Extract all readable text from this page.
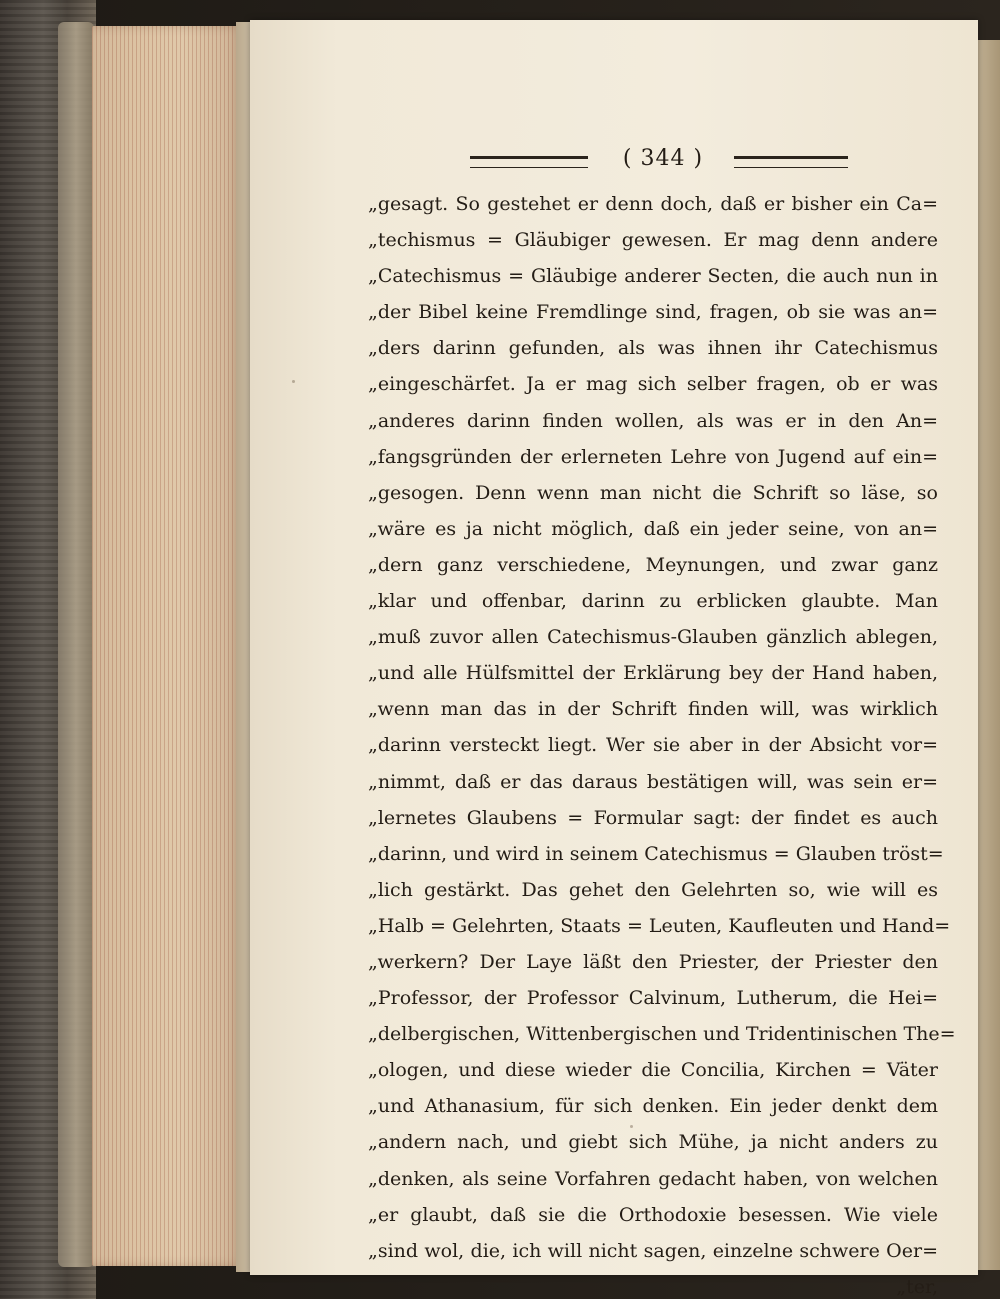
( 344 )
„gesagt. So gestehet er denn doch, daß er bisher ein Ca=
„techismus = Gläubiger gewesen. Er mag denn andere
„Catechismus = Gläubige anderer Secten, die auch nun in
„der Bibel keine Fremdlinge sind, fragen, ob sie was an=
„ders darinn gefunden, als was ihnen ihr Catechismus
„eingeschärfet. Ja er mag sich selber fragen, ob er was
„anderes darinn finden wollen, als was er in den An=
„fangsgründen der erlerneten Lehre von Jugend auf ein=
„gesogen. Denn wenn man nicht die Schrift so läse, so
„wäre es ja nicht möglich, daß ein jeder seine, von an=
„dern ganz verschiedene, Meynungen, und zwar ganz
„klar und offenbar, darinn zu erblicken glaubte. Man
„muß zuvor allen Catechismus-Glauben gänzlich ablegen,
„und alle Hülfsmittel der Erklärung bey der Hand haben,
„wenn man das in der Schrift finden will, was wirklich
„darinn versteckt liegt. Wer sie aber in der Absicht vor=
„nimmt, daß er das daraus bestätigen will, was sein er=
„lernetes Glaubens = Formular sagt: der findet es auch
„darinn, und wird in seinem Catechismus = Glauben tröst=
„lich gestärkt. Das gehet den Gelehrten so, wie will es
„Halb = Gelehrten, Staats = Leuten, Kaufleuten und Hand=
„werkern? Der Laye läßt den Priester, der Priester den
„Professor, der Professor Calvinum, Lutherum, die Hei=
„delbergischen, Wittenbergischen und Tridentinischen The=
„ologen, und diese wieder die Concilia, Kirchen = Väter
„und Athanasium, für sich denken. Ein jeder denkt dem
„andern nach, und giebt sich Mühe, ja nicht anders zu
„denken, als seine Vorfahren gedacht haben, von welchen
„er glaubt, daß sie die Orthodoxie besessen. Wie viele
„sind wol, die, ich will nicht sagen, einzelne schwere Oer=
„ter,
